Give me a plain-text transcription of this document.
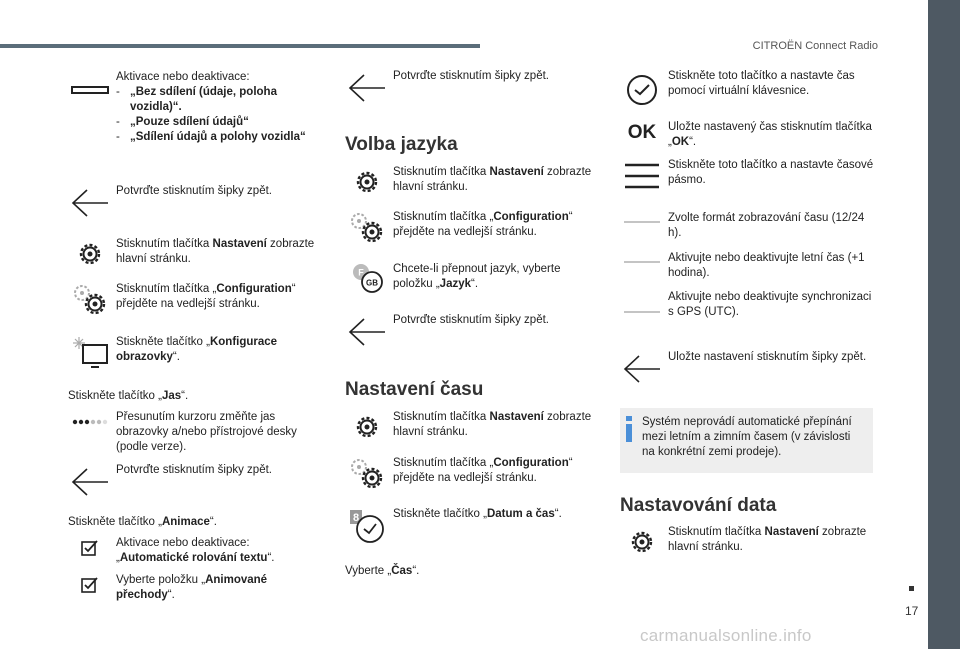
CITROËN Connect Radio
17
carmanualsonline.info
Aktivace nebo deaktivace:
- „Bez sdílení (údaje, poloha vozidla)“.
- „Pouze sdílení údajů“
- „Sdílení údajů a polohy vozidla“
Potvrďte stisknutím šipky zpět.
Stisknutím tlačítka Nastavení zobrazte hlavní stránku.
Stisknutím tlačítka „Configuration“ přejděte na vedlejší stránku.
Stiskněte tlačítko „Konfigurace obrazovky“.
Stiskněte tlačítko „Jas“.
Přesunutím kurzoru změňte jas obrazovky a/nebo přístrojové desky (podle verze).
Potvrďte stisknutím šipky zpět.
Stiskněte tlačítko „Animace“.
Aktivace nebo deaktivace: „Automatické rolování textu“.
Vyberte položku „Animované přechody“.
Potvrďte stisknutím šipky zpět.
Volba jazyka
Stisknutím tlačítka Nastavení zobrazte hlavní stránku.
Stisknutím tlačítka „Configuration“ přejděte na vedlejší stránku.
F
GB
Chcete-li přepnout jazyk, vyberte položku „Jazyk“.
Potvrďte stisknutím šipky zpět.
Nastavení času
Stisknutím tlačítka Nastavení zobrazte hlavní stránku.
Stisknutím tlačítka „Configuration“ přejděte na vedlejší stránku.
8	Stiskněte tlačítko „Datum a čas“.
Vyberte „Čas“.
Stiskněte toto tlačítko a nastavte čas pomocí virtuální klávesnice.
OK	Uložte nastavený čas stisknutím tlačítka „OK“.
Stiskněte toto tlačítko a nastavte časové pásmo.
Zvolte formát zobrazování času (12/24 h).
Aktivujte nebo deaktivujte letní čas (+1 hodina).
Aktivujte nebo deaktivujte synchronizaci s GPS (UTC).
Uložte nastavení stisknutím šipky zpět.
Systém neprovádí automatické přepínání mezi letním a zimním časem (v závislosti na konkrétní zemi prodeje).
Nastavování data
Stisknutím tlačítka Nastavení zobrazte hlavní stránku.
